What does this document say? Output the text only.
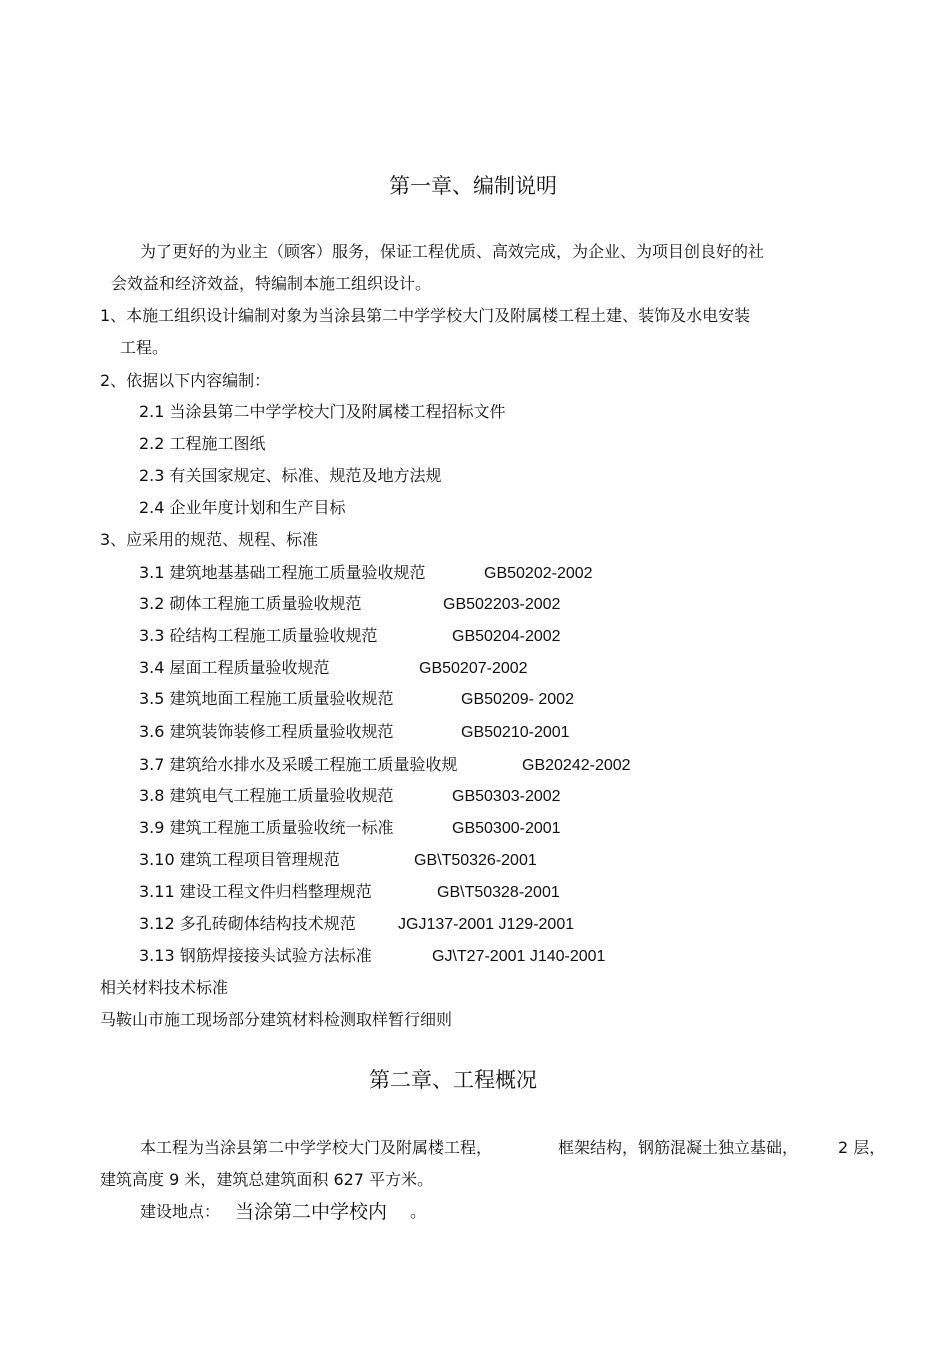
第一章、编制说明
为了更好的为业主（顾客）服务，保证工程优质、高效完成，为企业、为项目创良好的社
会效益和经济效益，特编制本施工组织设计。
1、本施工组织设计编制对象为当涂县第二中学学校大门及附属楼工程土建、装饰及水电安装
工程。
2、依据以下内容编制：
2.1 当涂县第二中学学校大门及附属楼工程招标文件
2.2 工程施工图纸
2.3 有关国家规定、标准、规范及地方法规
2.4 企业年度计划和生产目标
3、应采用的规范、规程、标准
3.1 建筑地基基础工程施工质量验收规范	GB50202-2002
3.2 砌体工程施工质量验收规范	GB502203-2002
3.3 砼结构工程施工质量验收规范	GB50204-2002
3.4 屋面工程质量验收规范	GB50207-2002
3.5 建筑地面工程施工质量验收规范	GB50209- 2002
3.6 建筑装饰装修工程质量验收规范	GB50210-2001
3.7 建筑给水排水及采暖工程施工质量验收规	GB20242-2002
3.8 建筑电气工程施工质量验收规范	GB50303-2002
3.9 建筑工程施工质量验收统一标准	GB50300-2001
3.10 建筑工程项目管理规范	GB\T50326-2001
3.11 建设工程文件归档整理规范	GB\T50328-2001
3.12 多孔砖砌体结构技术规范	JGJ137-2001 J129-2001
3.13 钢筋焊接接头试验方法标准	GJ\T27-2001 J140-2001
相关材料技术标准
马鞍山市施工现场部分建筑材料检测取样暂行细则
第二章、工程概况
本工程为当涂县第二中学学校大门及附属楼工程，	框架结构，钢筋混凝土独立基础， 2 层，
建筑高度 9 米，建筑总建筑面积 627 平方米。
建设地点： 当涂第二中学校内 。
